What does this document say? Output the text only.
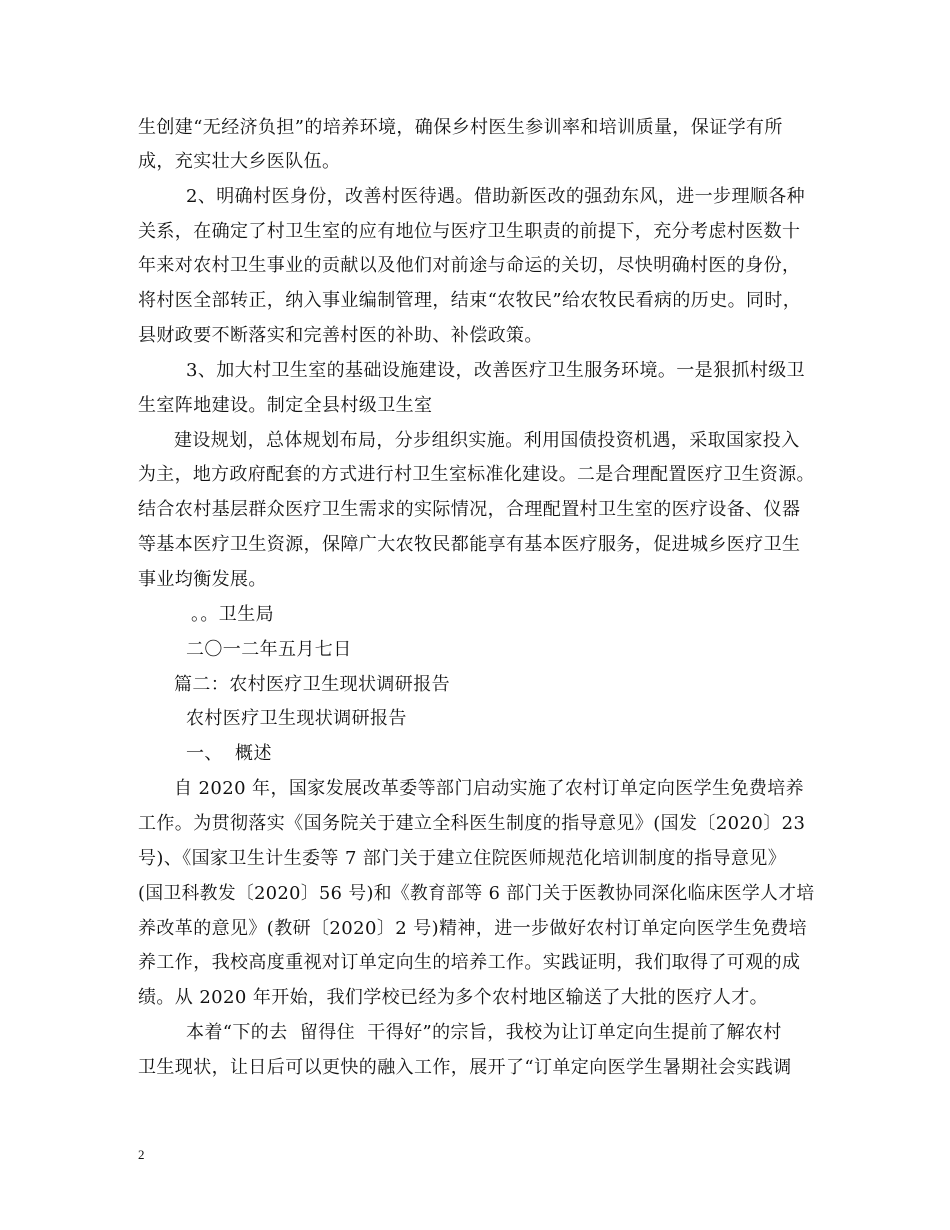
生创建“无经济负担”的培养环境，确保乡村医生参训率和培训质量，保证学有所
成，充实壮大乡医队伍。
2、明确村医身份，改善村医待遇。借助新医改的强劲东风，进一步理顺各种
关系，在确定了村卫生室的应有地位与医疗卫生职责的前提下，充分考虑村医数十
年来对农村卫生事业的贡献以及他们对前途与命运的关切，尽快明确村医的身份，
将村医全部转正，纳入事业编制管理，结束“农牧民”给农牧民看病的历史。同时，
县财政要不断落实和完善村医的补助、补偿政策。
3、加大村卫生室的基础设施建设，改善医疗卫生服务环境。一是狠抓村级卫
生室阵地建设。制定全县村级卫生室
建设规划，总体规划布局，分步组织实施。利用国债投资机遇，采取国家投入
为主，地方政府配套的方式进行村卫生室标准化建设。二是合理配置医疗卫生资源。
结合农村基层群众医疗卫生需求的实际情况，合理配置村卫生室的医疗设备、仪器
等基本医疗卫生资源，保障广大农牧民都能享有基本医疗服务，促进城乡医疗卫生
事业均衡发展。
。。卫生局
二〇一二年五月七日
篇二：农村医疗卫生现状调研报告
农村医疗卫生现状调研报告
一、  概述
自 2020 年，国家发展改革委等部门启动实施了农村订单定向医学生免费培养
工作。为贯彻落实《国务院关于建立全科医生制度的指导意见》(国发〔2020〕23
号)、《国家卫生计生委等 7 部门关于建立住院医师规范化培训制度的指导意见》
(国卫科教发〔2020〕56 号)和《教育部等 6 部门关于医教协同深化临床医学人才培
养改革的意见》(教研〔2020〕2 号)精神，进一步做好农村订单定向医学生免费培
养工作，我校高度重视对订单定向生的培养工作。实践证明，我们取得了可观的成
绩。从 2020 年开始，我们学校已经为多个农村地区输送了大批的医疗人才。
本着“下的去  留得住  干得好”的宗旨，我校为让订单定向生提前了解农村
卫生现状，让日后可以更快的融入工作，展开了“订单定向医学生暑期社会实践调
2
